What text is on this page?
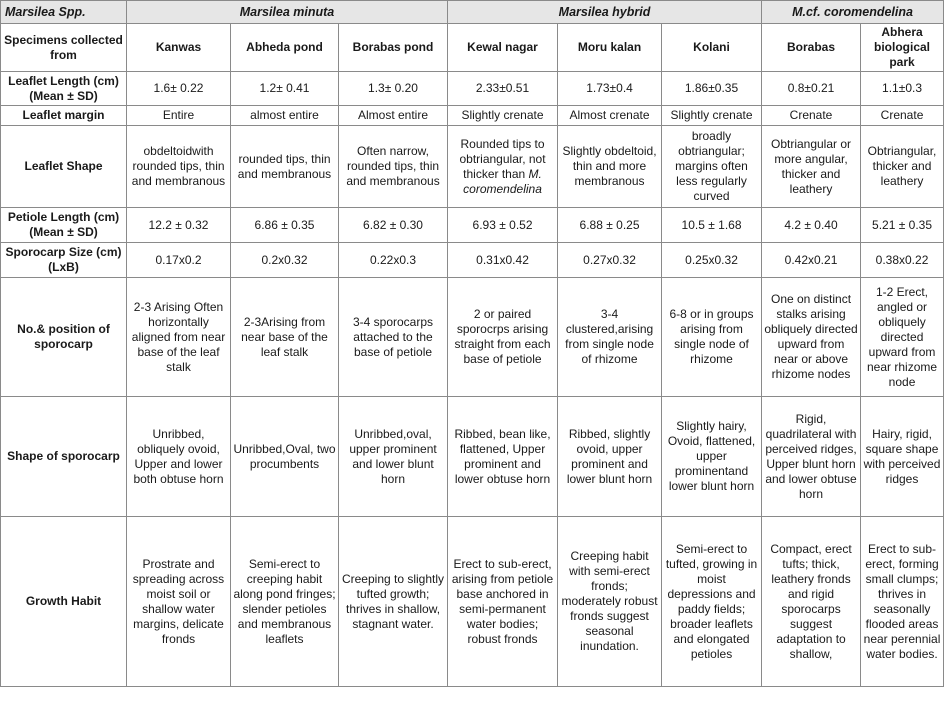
Marsilea Spp.	Marsilea minuta			Marsilea hybrid			M.cf. coromendelina	
Specimens collected from	Kanwas	Abheda pond	Borabas pond	Kewal nagar	Moru kalan	Kolani	Borabas	Abhera biological park
Leaflet Length (cm) (Mean ± SD)	1.6± 0.22	1.2± 0.41	1.3± 0.20	2.33±0.51	1.73±0.4	1.86±0.35	0.8±0.21	1.1±0.3
Leaflet margin	Entire	almost entire	Almost entire	Slightly crenate	Almost crenate	Slightly crenate	Crenate	Crenate
Leaflet Shape	obdeltoidwith rounded tips, thin and membranous	rounded tips, thin and membranous	Often narrow, rounded tips, thin and membranous	Rounded tips to obtriangular, not thicker than M. coromendelina	Slightly obdeltoid, thin and more membranous	broadly obtriangular; margins often less regularly curved	Obtriangular or more angular, thicker and leathery	Obtriangular, thicker and leathery
Petiole Length (cm) (Mean ± SD)	12.2 ± 0.32	6.86 ± 0.35	6.82 ± 0.30	6.93 ± 0.52	6.88 ± 0.25	10.5 ± 1.68	4.2 ± 0.40	5.21 ± 0.35
Sporocarp Size (cm) (LxB)	0.17x0.2	0.2x0.32	0.22x0.3	0.31x0.42	0.27x0.32	0.25x0.32	0.42x0.21	0.38x0.22
No.& position of sporocarp	2-3 Arising Often horizontally aligned from near base of the leaf stalk	2-3Arising from near base of the leaf stalk	3-4 sporocarps attached to the base of petiole	2 or paired sporocrps arising straight from each base of petiole	3-4 clustered,arising from single node of rhizome	6-8 or in groups arising from single node of rhizome	One on distinct stalks arising obliquely directed upward from near or above rhizome nodes	1-2 Erect, angled or obliquely directed upward from near rhizome node
Shape of sporocarp	Unribbed, obliquely ovoid, Upper and lower both obtuse horn	Unribbed,Oval, two procumbents	Unribbed,oval, upper prominent and lower blunt horn	Ribbed, bean like, flattened, Upper prominent and lower obtuse horn	Ribbed, slightly ovoid, upper prominent and lower blunt horn	Slightly hairy, Ovoid, flattened, upper prominentand lower blunt horn	Rigid, quadrilateral with perceived ridges, Upper blunt horn and lower obtuse horn	Hairy, rigid, square shape with perceived ridges
Growth Habit	Prostrate and spreading across moist soil or shallow water margins, delicate fronds	Semi-erect to creeping habit along pond fringes; slender petioles and membranous leaflets	Creeping to slightly tufted growth; thrives in shallow, stagnant water.	Erect to sub-erect, arising from petiole base anchored in semi-permanent water bodies; robust fronds	Creeping habit with semi-erect fronds; moderately robust fronds suggest seasonal inundation.	Semi-erect to tufted, growing in moist depressions and paddy fields; broader leaflets and elongated petioles	Compact, erect tufts; thick, leathery fronds and rigid sporocarps suggest adaptation to shallow,	Erect to sub-erect, forming small clumps; thrives in seasonally flooded areas near perennial water bodies.
